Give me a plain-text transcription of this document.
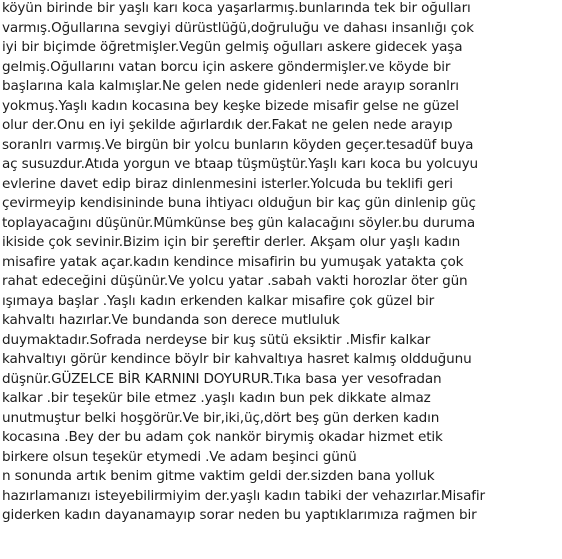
köyün birinde bir yaşlı karı koca yaşarlarmış.bunlarında tek bir oğulları
varmış.Oğullarına sevgiyi dürüstlüğü,doğruluğu ve dahası insanlığı çok
iyi bir biçimde öğretmişler.Vegün gelmiş oğulları askere gidecek yaşa
gelmiş.Oğullarını vatan borcu için askere göndermişler.ve köyde bir
başlarına kala kalmışlar.Ne gelen nede gidenleri nede arayıp soranlrı
yokmuş.Yaşlı kadın kocasına bey keşke bizede misafir gelse ne güzel
olur der.Onu en iyi şekilde ağırlardık der.Fakat ne gelen nede arayıp
soranlrı varmış.Ve birgün bir yolcu bunların köyden geçer.tesadüf buya
aç susuzdur.Atıda yorgun ve btaap tüşmüştür.Yaşlı karı koca bu yolcuyu
evlerine davet edip biraz dinlenmesini isterler.Yolcuda bu teklifi geri
çevirmeyip kendisininde buna ihtiyacı olduğun bir kaç gün dinlenip güç
toplayacağını düşünür.Mümkünse beş gün kalacağını söyler.bu duruma
ikiside çok sevinir.Bizim için bir şereftir derler. Akşam olur yaşlı kadın
misafire yatak açar.kadın kendince misafirin bu yumuşak yatakta çok
rahat edeceğini düşünür.Ve yolcu yatar .sabah vakti horozlar öter gün
ışımaya başlar .Yaşlı kadın erkenden kalkar misafire çok güzel bir
kahvaltı hazırlar.Ve bundanda son derece mutluluk
duymaktadır.Sofrada nerdeyse bir kuş sütü eksiktir .Misfir kalkar
kahvaltıyı görür kendince böylr bir kahvaltıya hasret kalmış oldduğunu
düşnür.GÜZELCE BİR KARNINI DOYURUR.Tıka basa yer vesofradan
kalkar .bir teşekür bile etmez .yaşlı kadın bun pek dikkate almaz
unutmuştur belki hoşgörür.Ve bir,iki,üç,dört beş gün derken kadın
kocasına .Bey der bu adam çok nankör birymiş okadar hizmet etik
birkere olsun teşekür etymedi .Ve adam beşinci günü
n sonunda artık benim gitme vaktim geldi der.sizden bana yolluk
hazırlamanızı isteyebilirmiyim der.yaşlı kadın tabiki der vehazırlar.Misafir
giderken kadın dayanamayıp sorar neden bu yaptıklarımıza rağmen bir
